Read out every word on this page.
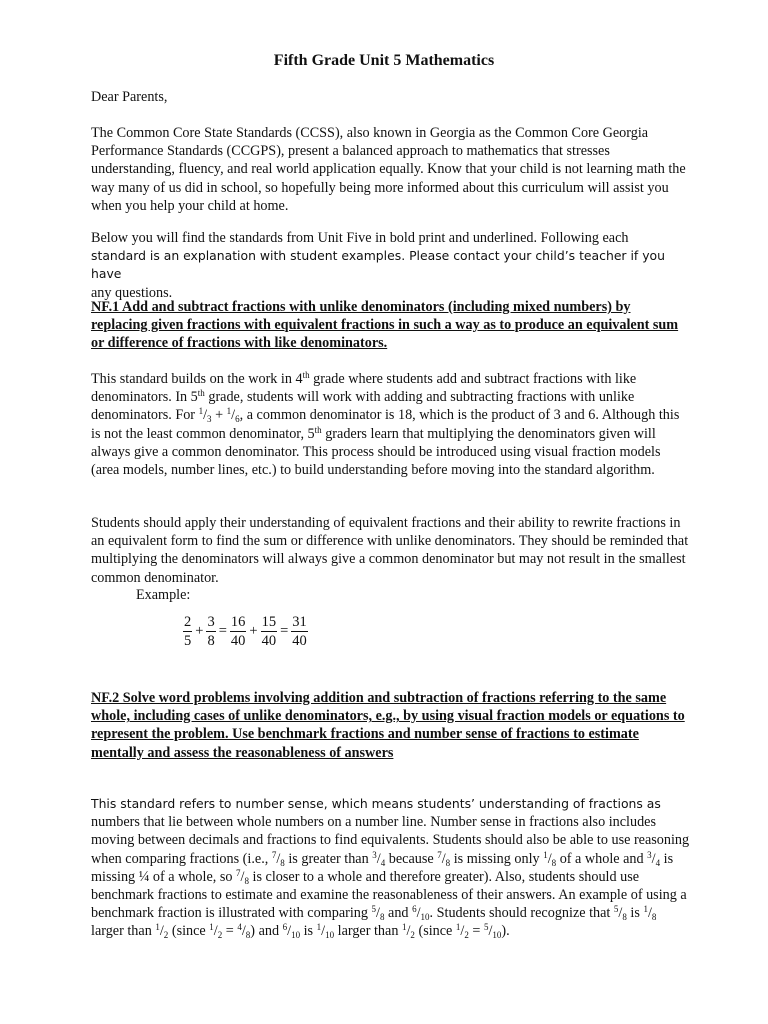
Fifth Grade Unit 5 Mathematics

Dear Parents,

The Common Core State Standards (CCSS), also known in Georgia as the Common Core Georgia Performance Standards (CCGPS), present a balanced approach to mathematics that stresses understanding, fluency, and real world application equally. Know that your child is not learning math the way many of us did in school, so hopefully being more informed about this curriculum will assist you when you help your child at home.

Below you will find the standards from Unit Five in bold print and underlined. Following each
standard is an explanation with student examples. Please contact your child’s teacher if you have
any questions.

NF.1 Add and subtract fractions with unlike denominators (including mixed numbers) by replacing given fractions with equivalent fractions in such a way as to produce an equivalent sum or difference of fractions with like denominators.

This standard builds on the work in 4th grade where students add and subtract fractions with like denominators. In 5th grade, students will work with adding and subtracting fractions with unlike denominators. For $^1/_3 + ^1/_6$, a common denominator is 18, which is the product of 3 and 6. Although this is not the least common denominator, 5th graders learn that multiplying the denominators given will always give a common denominator. This process should be introduced using visual fraction models (area models, number lines, etc.) to build understanding before moving into the standard algorithm.

Students should apply their understanding of equivalent fractions and their ability to rewrite fractions in an equivalent form to find the sum or difference with unlike denominators. They should be reminded that multiplying the denominators will always give a common denominator but may not result in the smallest common denominator.

Example:

$\frac{2}{5} + \frac{3}{8} = \frac{16}{40} + \frac{15}{40} = \frac{31}{40}$

NF.2 Solve word problems involving addition and subtraction of fractions referring to the same whole, including cases of unlike denominators, e.g., by using visual fraction models or equations to represent the problem. Use benchmark fractions and number sense of fractions to estimate mentally and assess the reasonableness of answers

This standard refers to number sense, which means students’ understanding of fractions as
numbers that lie between whole numbers on a number line. Number sense in fractions also includes moving between decimals and fractions to find equivalents. Students should also be able to use reasoning when comparing fractions (i.e., $^7/_8$ is greater than $^3/_4$ because $^7/_8$ is missing only $^1/_8$ of a whole and $^3/_4$ is missing ¼ of a whole, so $^7/_8$ is closer to a whole and therefore greater). Also, students should use benchmark fractions to estimate and examine the reasonableness of their answers. An example of using a benchmark fraction is illustrated with comparing $^5/_8$ and $^6/_{10}$. Students should recognize that $^5/_8$ is $^1/_8$ larger than $^1/_2$ (since $^1/_2 = ^4/_8$) and $^6/_{10}$ is $^1/_{10}$ larger than $^1/_2$ (since $^1/_2 = ^5/_{10}$).
